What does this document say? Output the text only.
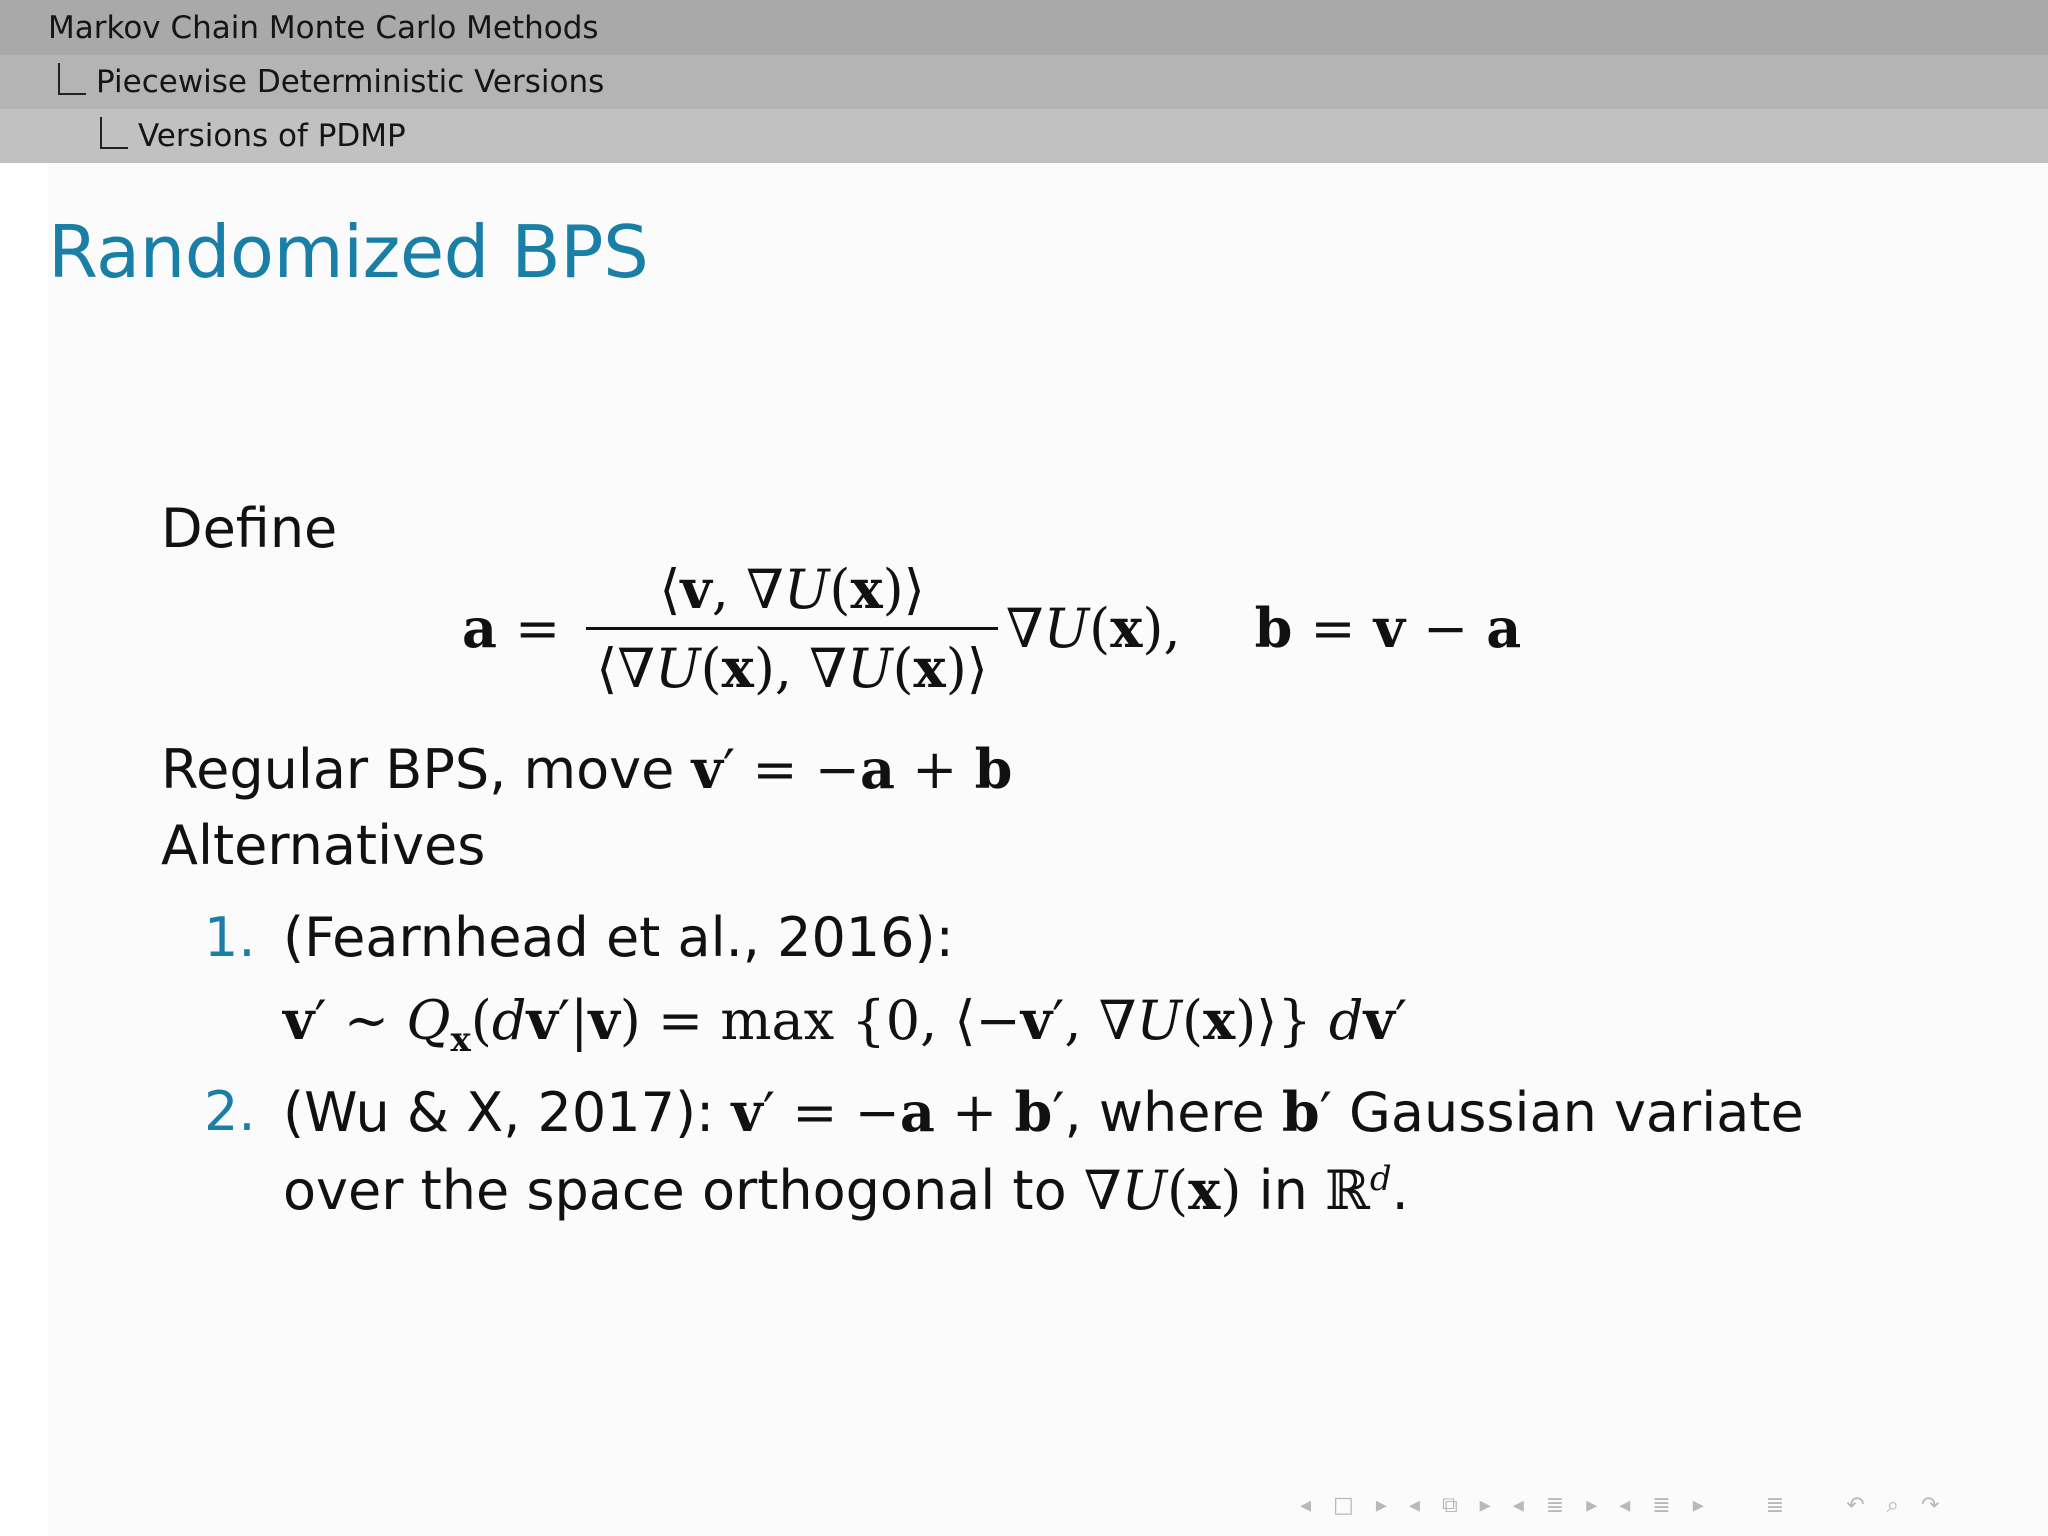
Markov Chain Monte Carlo Methods
Piecewise Deterministic Versions
Versions of PDMP
Randomized BPS
Define
$a = \frac{⟨v, \nabla U(x)⟩}{⟨\nabla U(x), \nabla U(x)⟩} \nabla U(x)$, b = v − a
Regular BPS, move v′ = −a + b
Alternatives
1. (Fearnhead et al., 2016):
v′ ∼ $Q_x(dv'|v) = \max \{0$, ⟨−v′, ∇U(x)⟩} dv′
2. (Wu & X, 2017): v′ = −a + b′, where b′ Gaussian variate
over the space orthogonal to ∇U(x) in ℝ$^d$.
◂ □ ▸ ◂ ⧉ ▸ ◂ ≣ ▸ ◂ ≣ ▸	≣	↶ ⌕ ↷
